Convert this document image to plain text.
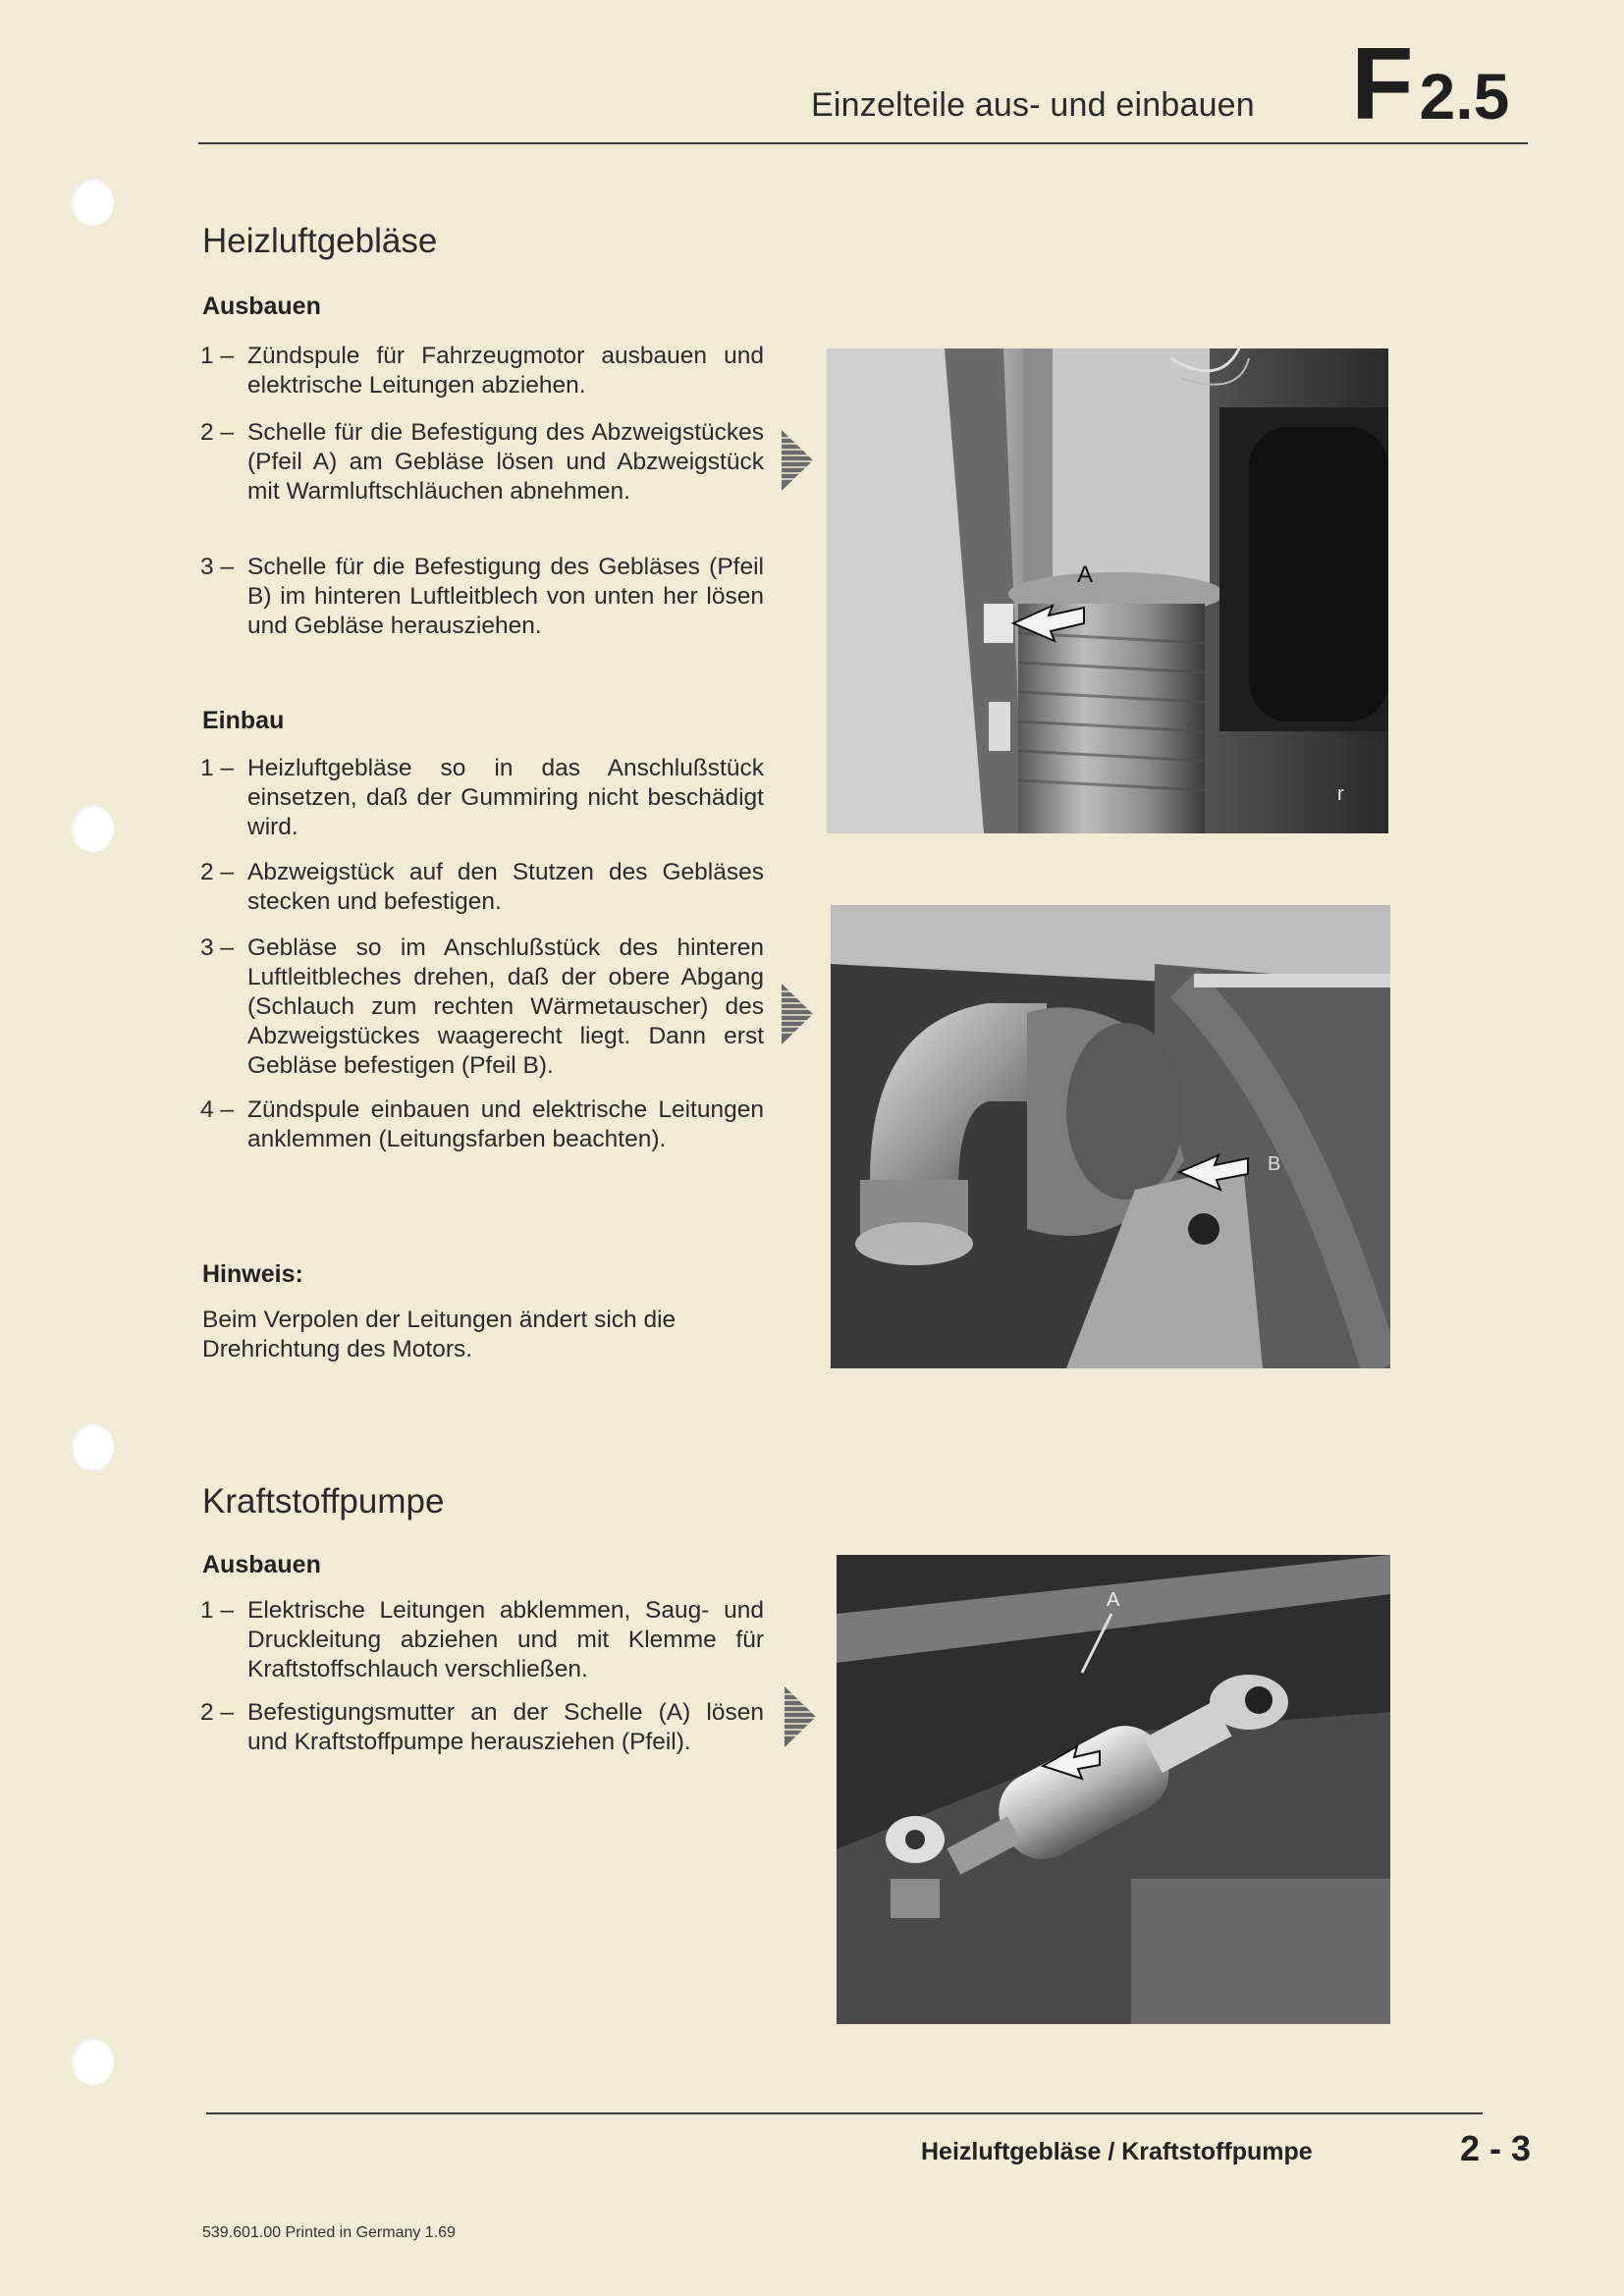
Einzelteile aus- und einbauen F2.5
Heizluftgebläse
Ausbauen
1 – Zündspule für Fahrzeugmotor ausbauen und elektrische Leitungen abziehen.
2 – Schelle für die Befestigung des Abzweigstückes (Pfeil A) am Gebläse lösen und Abzweigstück mit Warmluftschläuchen abnehmen.
3 – Schelle für die Befestigung des Gebläses (Pfeil B) im hinteren Luftleitblech von unten her lösen und Gebläse herausziehen.
Einbau
1 – Heizluftgebläse so in das Anschlußstück einsetzen, daß der Gummiring nicht beschädigt wird.
2 – Abzweigstück auf den Stutzen des Gebläses stecken und befestigen.
3 – Gebläse so im Anschlußstück des hinteren Luftleitbleches drehen, daß der obere Abgang (Schlauch zum rechten Wärmetauscher) des Abzweigstückes waagerecht liegt. Dann erst Gebläse befestigen (Pfeil B).
4 – Zündspule einbauen und elektrische Leitungen anklemmen (Leitungsfarben beachten).
Hinweis:
Beim Verpolen der Leitungen ändert sich die Drehrichtung des Motors.
Kraftstoffpumpe
Ausbauen
1 – Elektrische Leitungen abklemmen, Saug- und Druckleitung abziehen und mit Klemme für Kraftstoffschlauch verschließen.
2 – Befestigungsmutter an der Schelle (A) lösen und Kraftstoffpumpe herausziehen (Pfeil).
A
r
B
A
Heizluftgebläse / Kraftstoffpumpe	2 - 3
539.601.00 Printed in Germany 1.69
